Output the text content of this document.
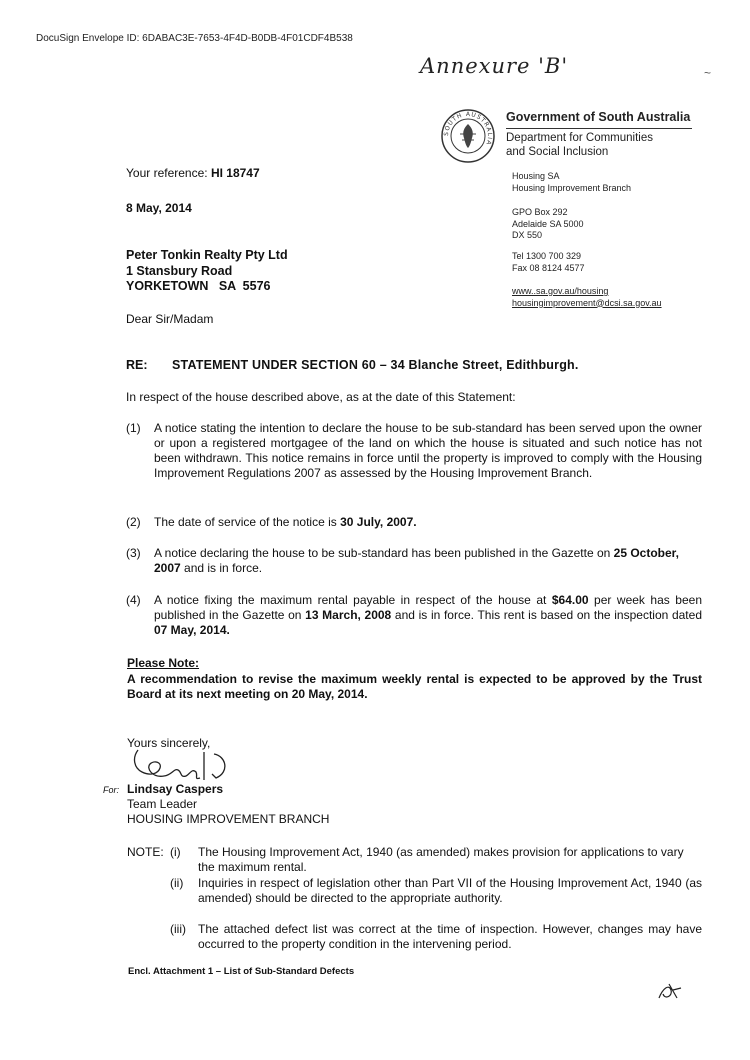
DocuSign Envelope ID: 6DABAC3E-7653-4F4D-B0DB-4F01CDF4B538
Annexure 'B'	~
SOUTH AUSTRALIA
Government of South Australia
Department for Communities
and Social Inclusion
Housing SA
Housing Improvement Branch
GPO Box 292
Adelaide SA 5000
DX 550
Tel 1300 700 329
Fax 08 8124 4577
www..sa.gov.au/housing
housingimprovement@dcsi.sa.gov.au
Your reference: HI 18747
8 May, 2014
Peter Tonkin Realty Pty Ltd
1 Stansbury Road
YORKETOWN   SA  5576
Dear Sir/Madam
RE: STATEMENT UNDER SECTION 60 – 34 Blanche Street, Edithburgh.
In respect of the house described above, as at the date of this Statement:
(1) A notice stating the intention to declare the house to be sub-standard has been served upon the owner or upon a registered mortgagee of the land on which the house is situated and such notice has not been withdrawn. This notice remains in force until the property is improved to comply with the Housing Improvement Regulations 2007 as assessed by the Housing Improvement Branch.
(2) The date of service of the notice is 30 July, 2007.
(3) A notice declaring the house to be sub-standard has been published in the Gazette on 25 October, 2007 and is in force.
(4) A notice fixing the maximum rental payable in respect of the house at $64.00 per week has been published in the Gazette on 13 March, 2008 and is in force. This rent is based on the inspection dated 07 May, 2014.
Please Note:
A recommendation to revise the maximum weekly rental is expected to be approved by the Trust Board at its next meeting on 20 May, 2014.
Yours sincerely,
For: Lindsay Caspers
Team Leader
HOUSING IMPROVEMENT BRANCH
NOTE: (i) The Housing Improvement Act, 1940 (as amended) makes provision for applications to vary the maximum rental.
(ii) Inquiries in respect of legislation other than Part VII of the Housing Improvement Act, 1940 (as amended) should be directed to the appropriate authority.
(iii) The attached defect list was correct at the time of inspection. However, changes may have occurred to the property condition in the intervening period.
Encl. Attachment 1 – List of Sub-Standard Defects
